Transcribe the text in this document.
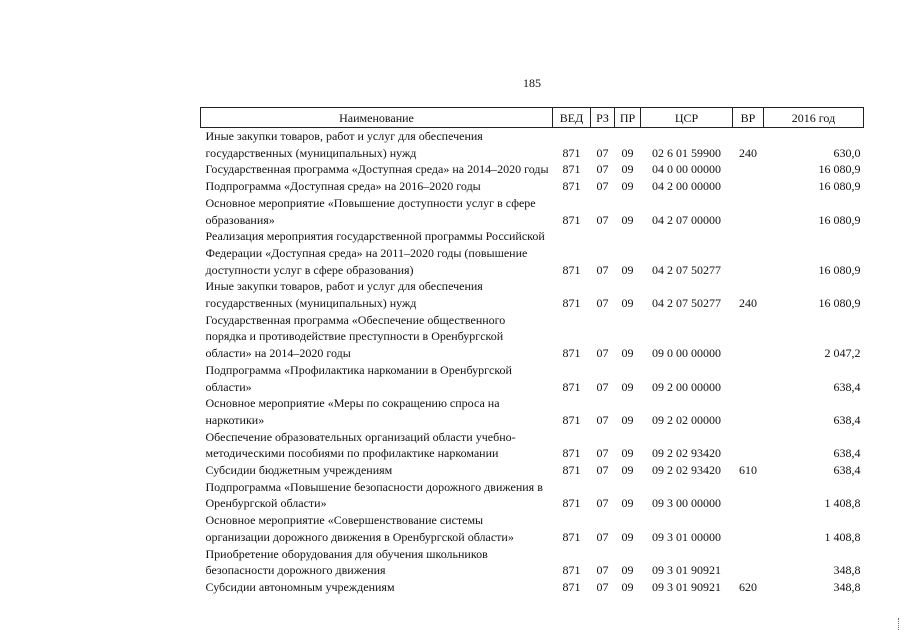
185
Наименование	ВЕД	РЗ	ПР	ЦСР	ВР	2016 год
Иные закупки товаров, работ и услуг для обеспечения государственных (муниципальных) нужд	871	07	09	02 6 01 59900	240	630,0
Государственная программа «Доступная среда» на 2014–2020 годы	871	07	09	04 0 00 00000		16 080,9
Подпрограмма «Доступная среда» на 2016–2020 годы	871	07	09	04 2 00 00000		16 080,9
Основное мероприятие «Повышение доступности услуг в сфере образования»	871	07	09	04 2 07 00000		16 080,9
Реализация мероприятия государственной программы Российской Федерации «Доступная среда» на 2011–2020 годы (повышение доступности услуг в сфере образования)	871	07	09	04 2 07 50277		16 080,9
Иные закупки товаров, работ и услуг для обеспечения государственных (муниципальных) нужд	871	07	09	04 2 07 50277	240	16 080,9
Государственная программа «Обеспечение общественного порядка и противодействие преступности в Оренбургской области» на 2014–2020 годы	871	07	09	09 0 00 00000		2 047,2
Подпрограмма «Профилактика наркомании в Оренбургской области»	871	07	09	09 2 00 00000		638,4
Основное мероприятие «Меры по сокращению спроса на наркотики»	871	07	09	09 2 02 00000		638,4
Обеспечение образовательных организаций области учебно-методическими пособиями по профилактике наркомании	871	07	09	09 2 02 93420		638,4
Субсидии бюджетным учреждениям	871	07	09	09 2 02 93420	610	638,4
Подпрограмма «Повышение безопасности дорожного движения в Оренбургской области»	871	07	09	09 3 00 00000		1 408,8
Основное мероприятие «Совершенствование системы организации дорожного движения в Оренбургской области»	871	07	09	09 3 01 00000		1 408,8
Приобретение оборудования для обучения школьников безопасности дорожного движения	871	07	09	09 3 01 90921		348,8
Субсидии автономным учреждениям	871	07	09	09 3 01 90921	620	348,8
